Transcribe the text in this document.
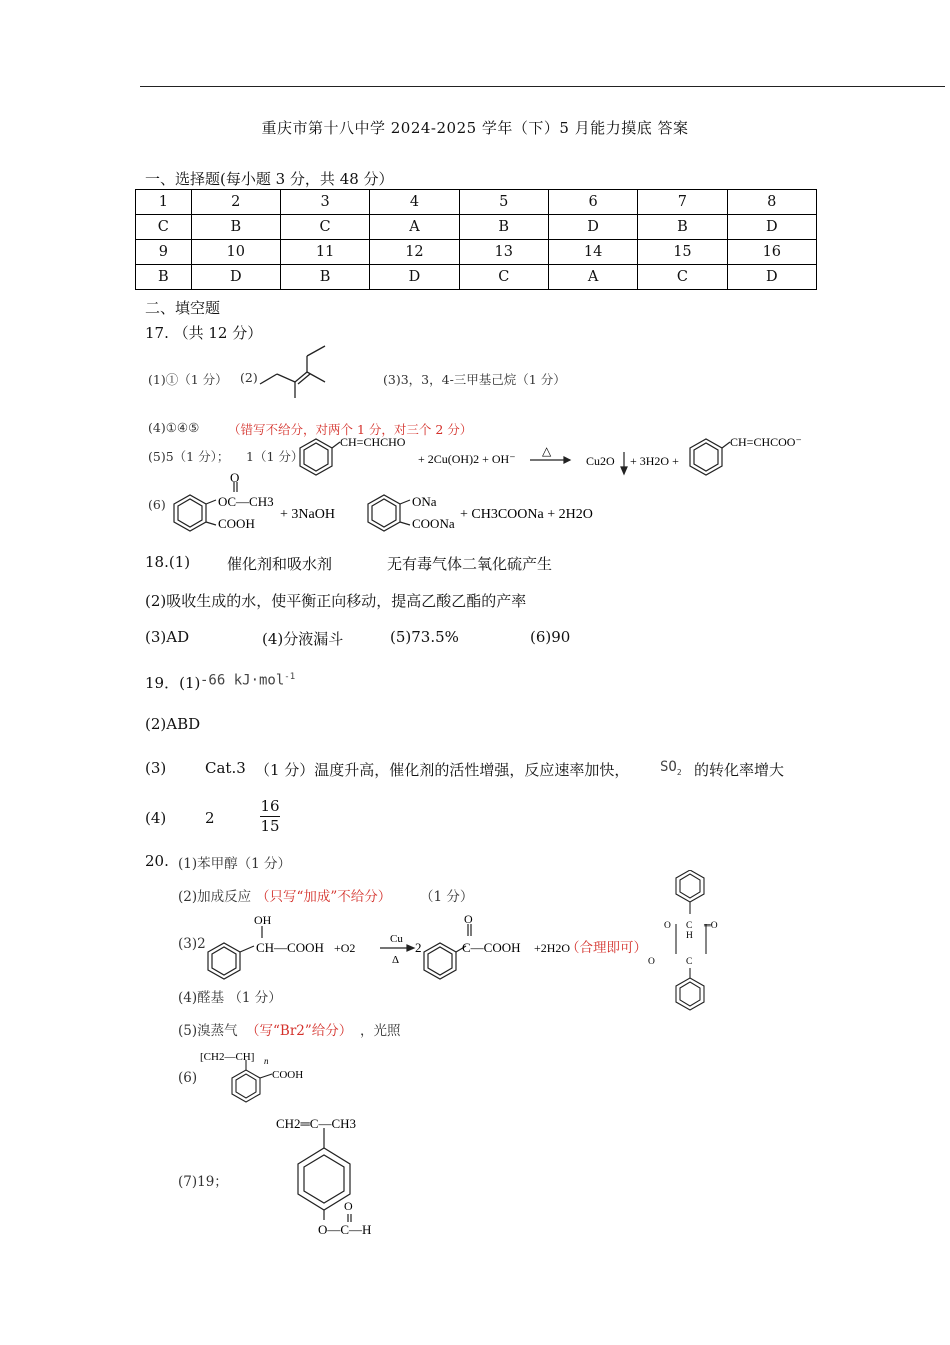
重庆市第十八中学 2024-2025 学年（下）5 月能力摸底 答案
一、选择题(每小题 3 分，共 48 分）
1	2	3	4	5	6	7	8
C	B	C	A	B	D	B	D
9	10	11	12	13	14	15	16
B	D	B	D	C	A	C	D
二、填空题
17. （共 12 分）
(1)①（1 分） (2)	(3)3，3，4-三甲基己烷（1 分）
(4)①④⑤ （错写不给分，对两个 1 分，对三个 2 分）
(5)5（1 分）； 1（1 分）
CH=CHCHO
+ 2Cu(OH)2 + OH⁻
△
Cu2O + 3H2O +
CH=CHCOO⁻
(6)
O
OC—CH3
COOH
+ 3NaOH
ONa
COONa
+ CH3COONa + 2H2O
18.(1) 催化剂和吸水剂	无有毒气体二氧化硫产生
(2)吸收生成的水，使平衡正向移动，提高乙酸乙酯的产率
(3)AD	(4)分液漏斗	(5)73.5%	(6)90
19．(1) -66 kJ·mol$^{-1}$
(2)ABD
(3)	Cat.3 （1 分）温度升高，催化剂的活性增强，反应速率加快， $SO_2$ 的转化率增大
(4)	2	$\frac{16}{15}$
20. (1)苯甲醇（1 分）
(2)加成反应 （只写“加成”不给分） （1 分）
(3)2
OH
CH—COOH +O2
Cu
Δ
2
O
C—COOH +2H2O
（合理即可）
O C
H
═O
O	C
(4)醛基 （1 分）
(5)溴蒸气 （写“Br2”给分） ，光照
(6)
[CH2—CH] n
COOH
(7)19；
CH2═C—CH3
O
O—C—H
